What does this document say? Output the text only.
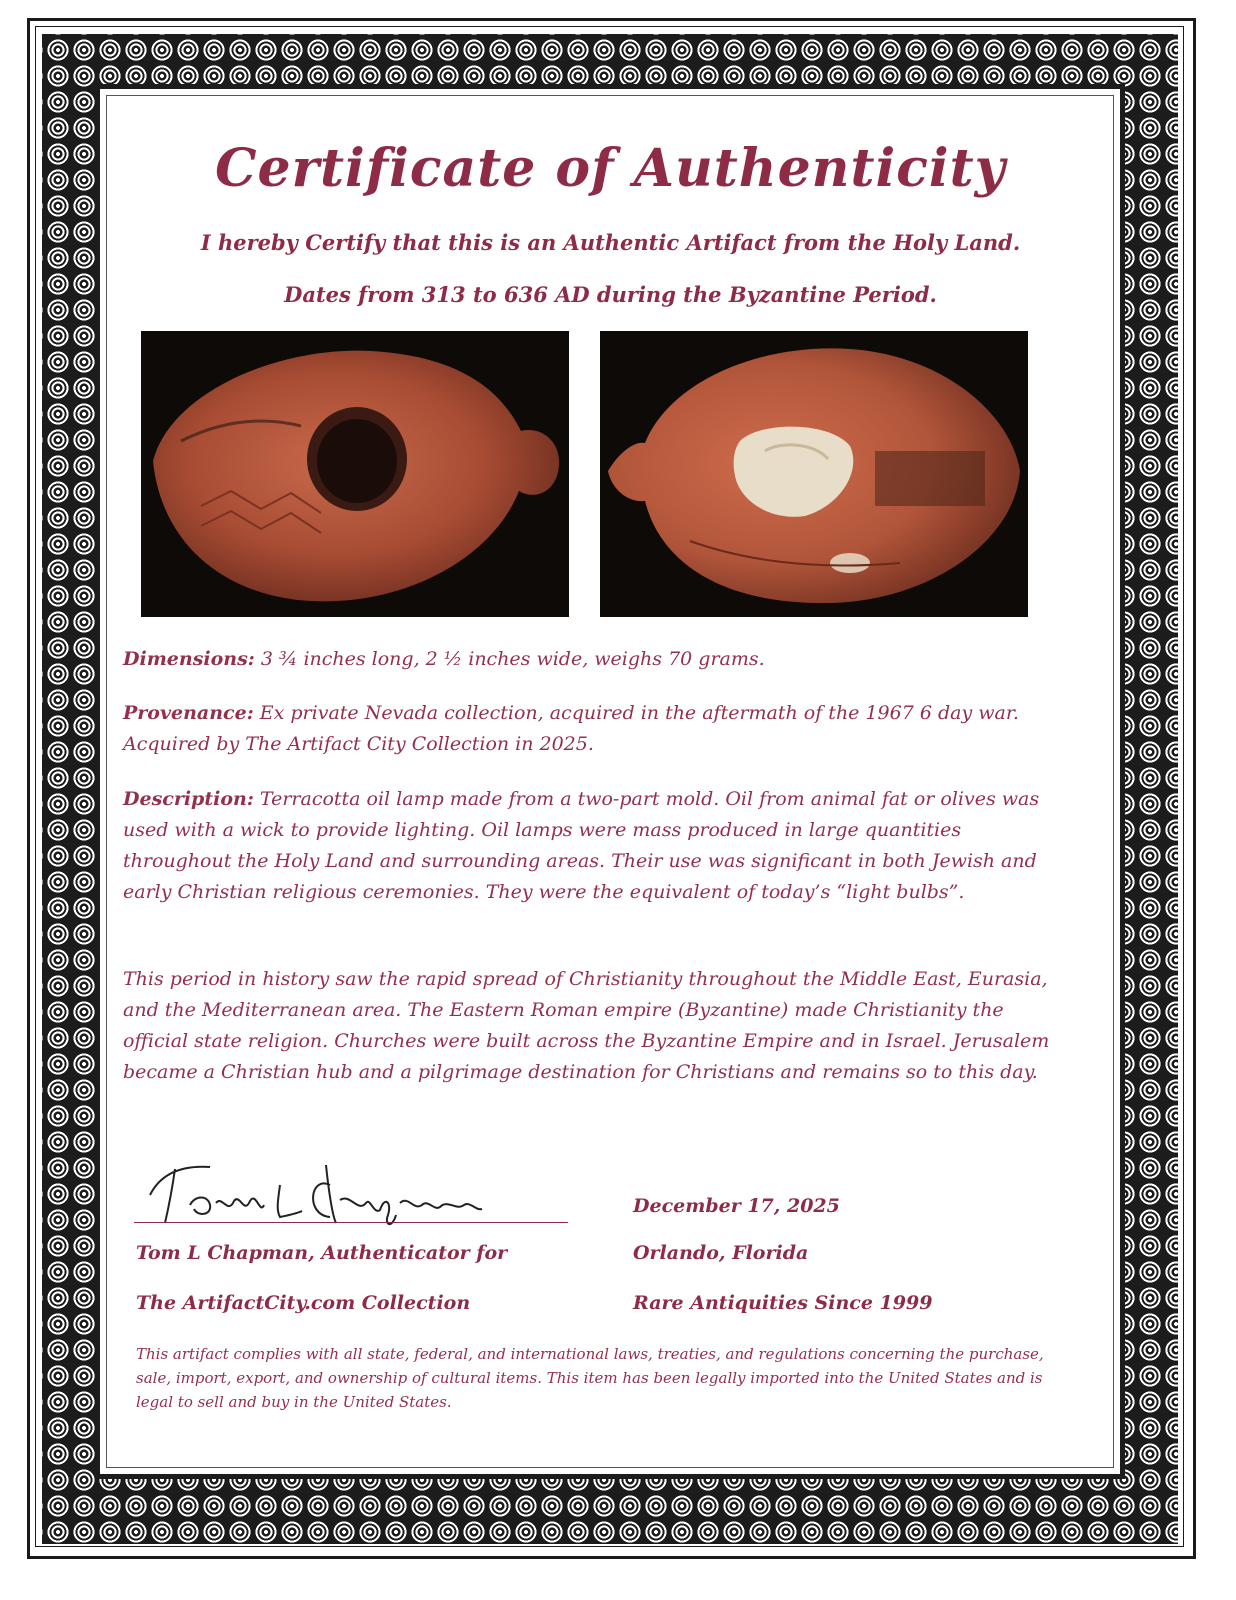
Certificate of Authenticity
I hereby Certify that this is an Authentic Artifact from the Holy Land.
Dates from 313 to 636 AD during the Byzantine Period.
Dimensions: 3 ¾ inches long, 2 ½ inches wide, weighs 70 grams.
Provenance: Ex private Nevada collection, acquired in the aftermath of the 1967 6 day war. Acquired by The Artifact City Collection in 2025.
Description: Terracotta oil lamp made from a two-part mold. Oil from animal fat or olives was used with a wick to provide lighting. Oil lamps were mass produced in large quantities throughout the Holy Land and surrounding areas. Their use was significant in both Jewish and early Christian religious ceremonies. They were the equivalent of today’s “light bulbs”.
This period in history saw the rapid spread of Christianity throughout the Middle East, Eurasia, and the Mediterranean area. The Eastern Roman empire (Byzantine) made Christianity the official state religion. Churches were built across the Byzantine Empire and in Israel. Jerusalem became a Christian hub and a pilgrimage destination for Christians and remains so to this day.
Tom L Chapman, Authenticator for
The ArtifactCity.com Collection
December 17, 2025
Orlando, Florida
Rare Antiquities Since 1999
This artifact complies with all state, federal, and international laws, treaties, and regulations concerning the purchase, sale, import, export, and ownership of cultural items. This item has been legally imported into the United States and is legal to sell and buy in the United States.
